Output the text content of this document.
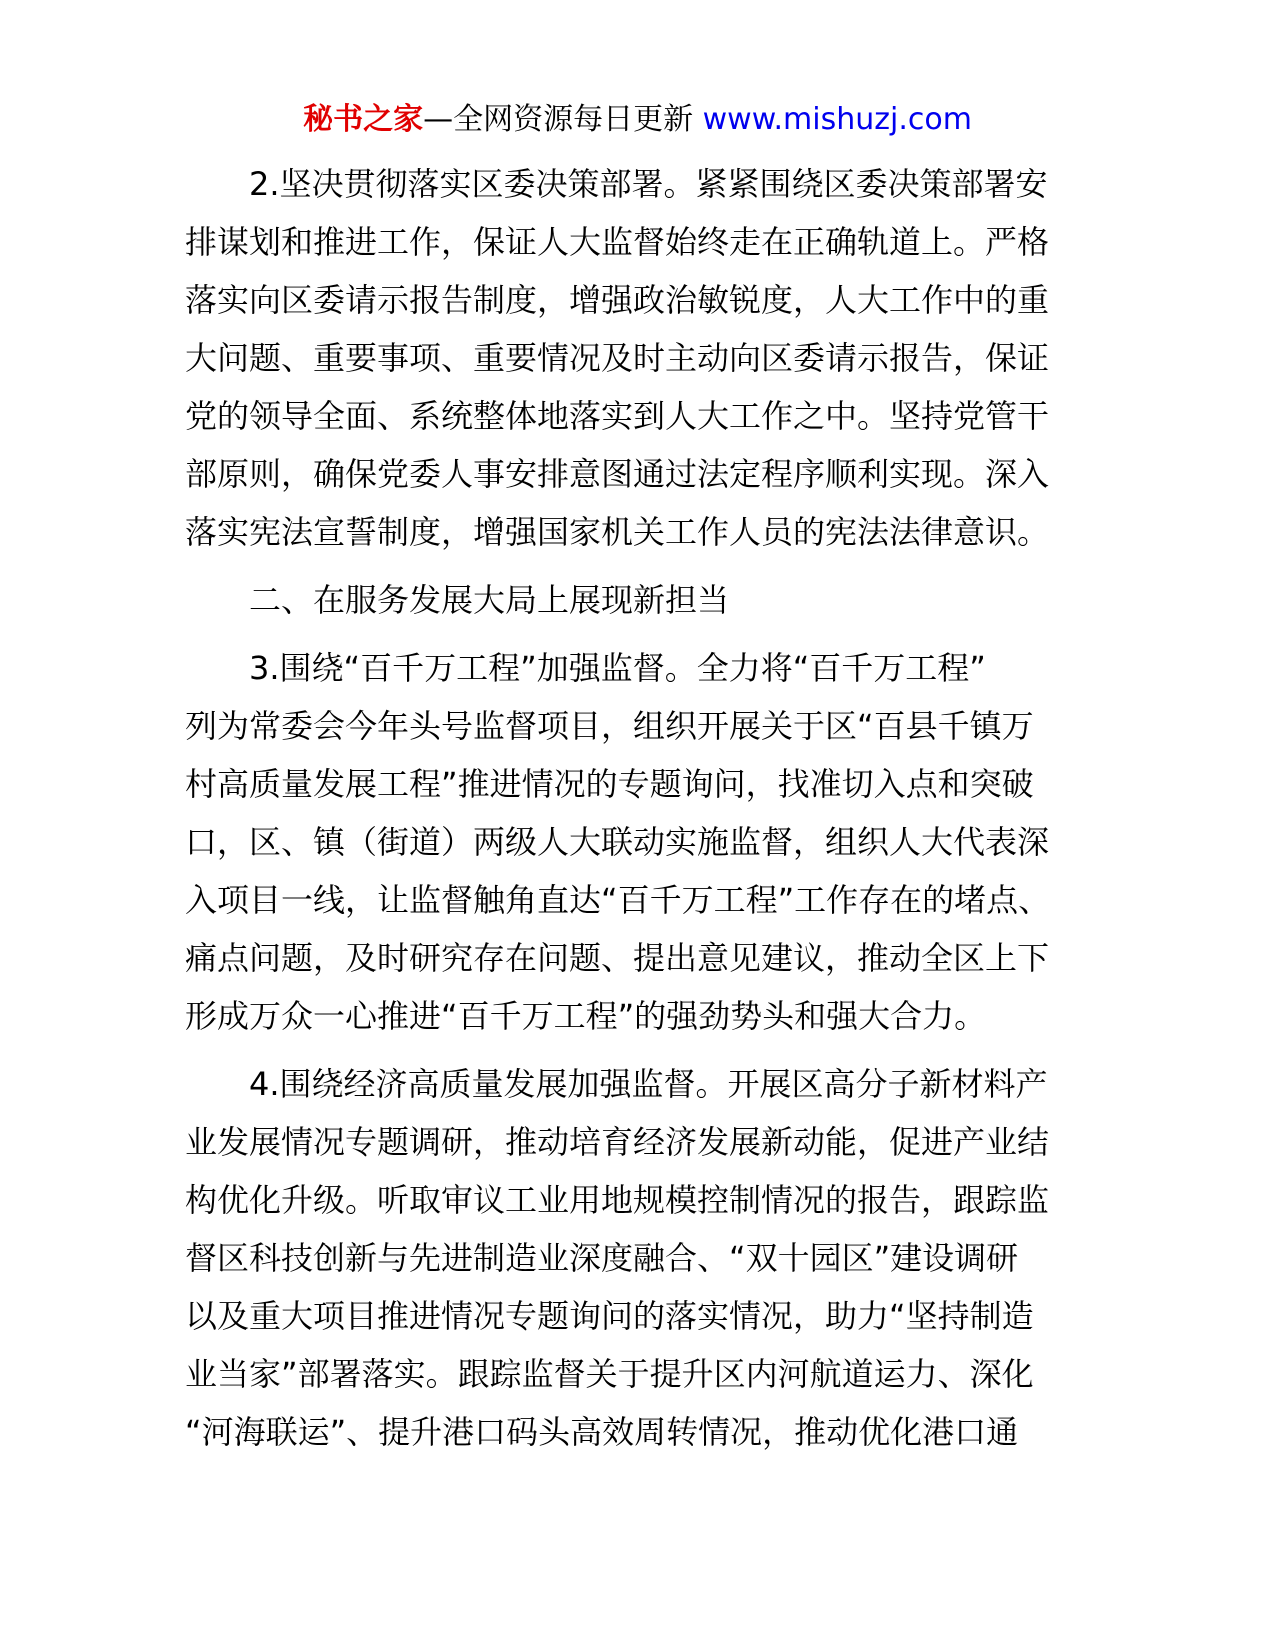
秘书之家—全网资源每日更新 www.mishuzj.com

2.坚决贯彻落实区委决策部署。紧紧围绕区委决策部署安
排谋划和推进工作，保证人大监督始终走在正确轨道上。严格
落实向区委请示报告制度，增强政治敏锐度，人大工作中的重
大问题、重要事项、重要情况及时主动向区委请示报告，保证
党的领导全面、系统整体地落实到人大工作之中。坚持党管干
部原则，确保党委人事安排意图通过法定程序顺利实现。深入
落实宪法宣誓制度，增强国家机关工作人员的宪法法律意识。

二、在服务发展大局上展现新担当

3.围绕“百千万工程”加强监督。全力将“百千万工程”
列为常委会今年头号监督项目，组织开展关于区“百县千镇万
村高质量发展工程”推进情况的专题询问，找准切入点和突破
口，区、镇（街道）两级人大联动实施监督，组织人大代表深
入项目一线，让监督触角直达“百千万工程”工作存在的堵点、
痛点问题，及时研究存在问题、提出意见建议，推动全区上下
形成万众一心推进“百千万工程”的强劲势头和强大合力。

4.围绕经济高质量发展加强监督。开展区高分子新材料产
业发展情况专题调研，推动培育经济发展新动能，促进产业结
构优化升级。听取审议工业用地规模控制情况的报告，跟踪监
督区科技创新与先进制造业深度融合、“双十园区”建设调研
以及重大项目推进情况专题询问的落实情况，助力“坚持制造
业当家”部署落实。跟踪监督关于提升区内河航道运力、深化
“河海联运”、提升港口码头高效周转情况，推动优化港口通
